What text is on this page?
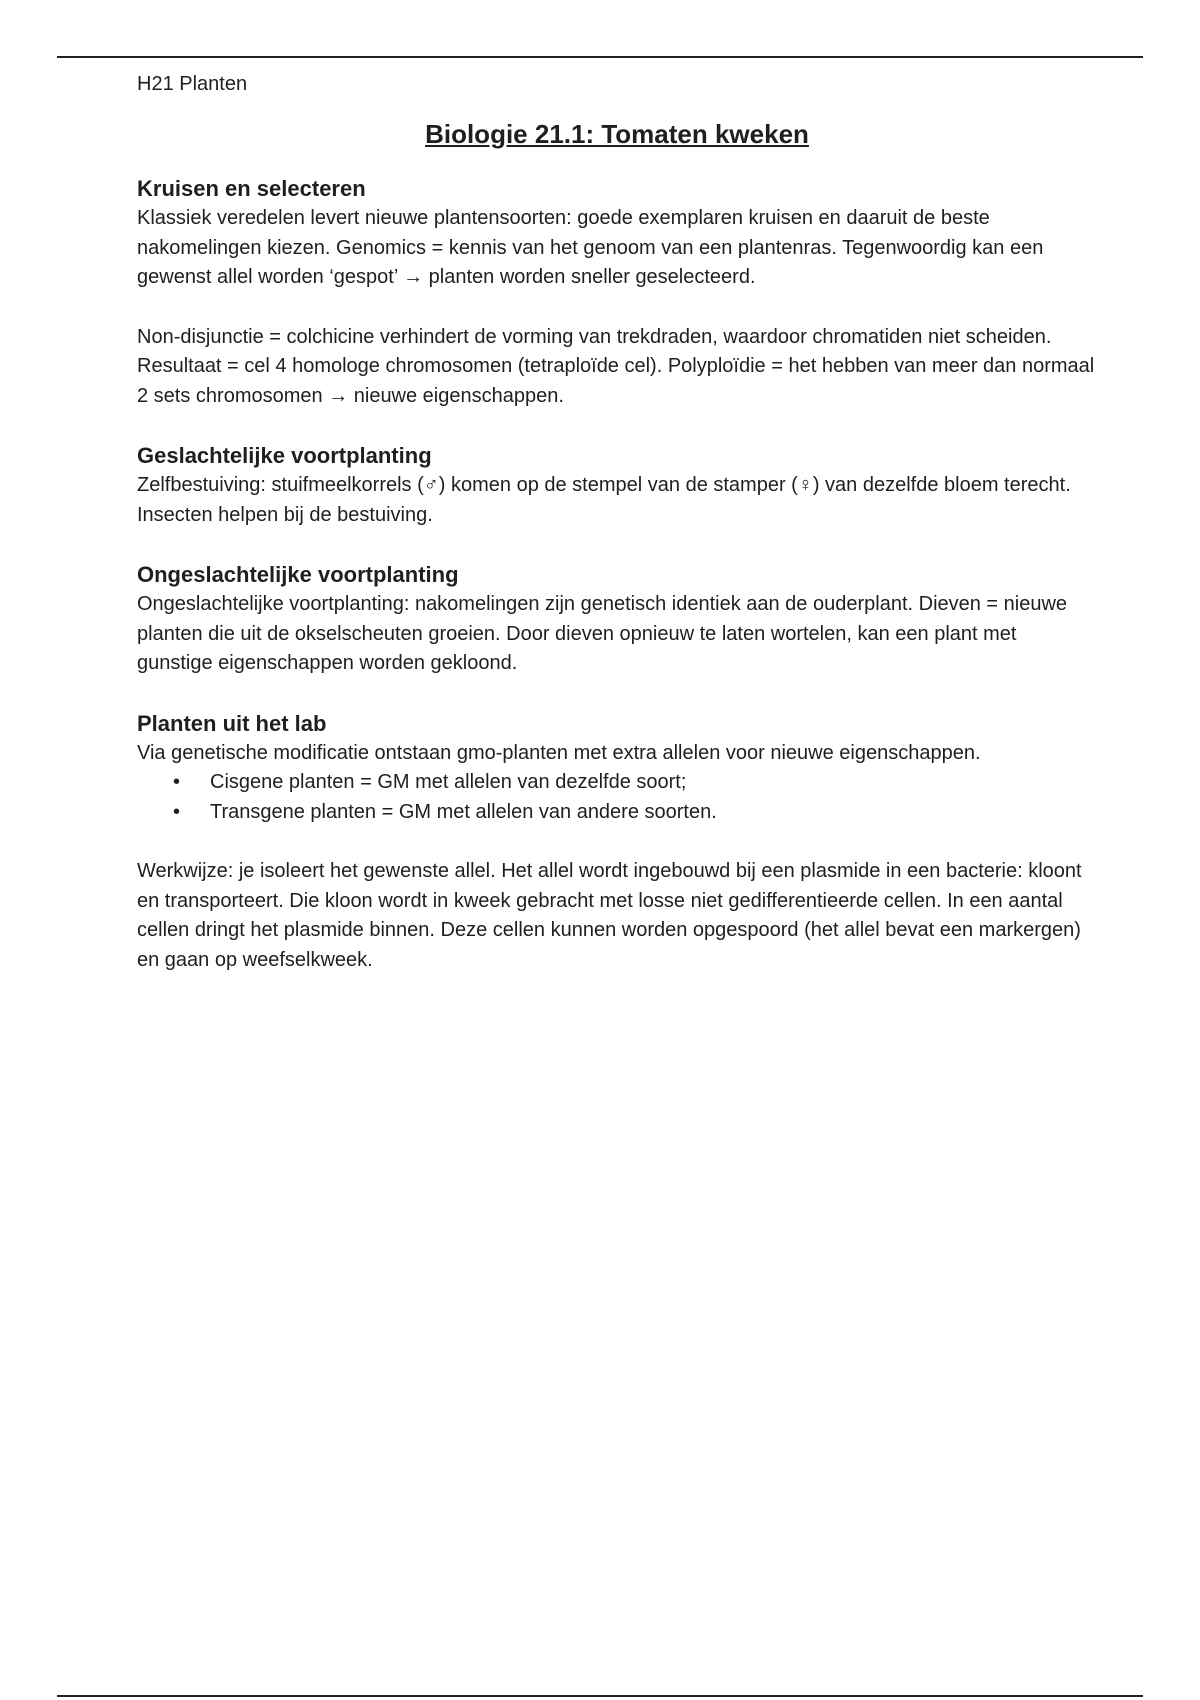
H21 Planten

Biologie 21.1: Tomaten kweken
Kruisen en selecteren

Klassiek veredelen levert nieuwe plantensoorten: goede exemplaren kruisen en daaruit de beste nakomelingen kiezen. Genomics = kennis van het genoom van een plantenras. Tegenwoordig kan een gewenst allel worden ‘gespot’ → planten worden sneller geselecteerd.

Non-disjunctie = colchicine verhindert de vorming van trekdraden, waardoor chromatiden niet scheiden. Resultaat = cel 4 homologe chromosomen (tetraploïde cel). Polyploïdie = het hebben van meer dan normaal 2 sets chromosomen → nieuwe eigenschappen.

Geslachtelijke voortplanting

Zelfbestuiving: stuifmeelkorrels (♂) komen op de stempel van de stamper (♀) van dezelfde bloem terecht. Insecten helpen bij de bestuiving.

Ongeslachtelijke voortplanting

Ongeslachtelijke voortplanting: nakomelingen zijn genetisch identiek aan de ouderplant. Dieven = nieuwe planten die uit de okselscheuten groeien. Door dieven opnieuw te laten wortelen, kan een plant met gunstige eigenschappen worden gekloond.

Planten uit het lab

Via genetische modificatie ontstaan gmo-planten met extra allelen voor nieuwe eigenschappen.

• Cisgene planten = GM met allelen van dezelfde soort;
• Transgene planten = GM met allelen van andere soorten.

Werkwijze: je isoleert het gewenste allel. Het allel wordt ingebouwd bij een plasmide in een bacterie: kloont en transporteert. Die kloon wordt in kweek gebracht met losse niet gedifferentieerde cellen. In een aantal cellen dringt het plasmide binnen. Deze cellen kunnen worden opgespoord (het allel bevat een markergen) en gaan op weefselkweek.
